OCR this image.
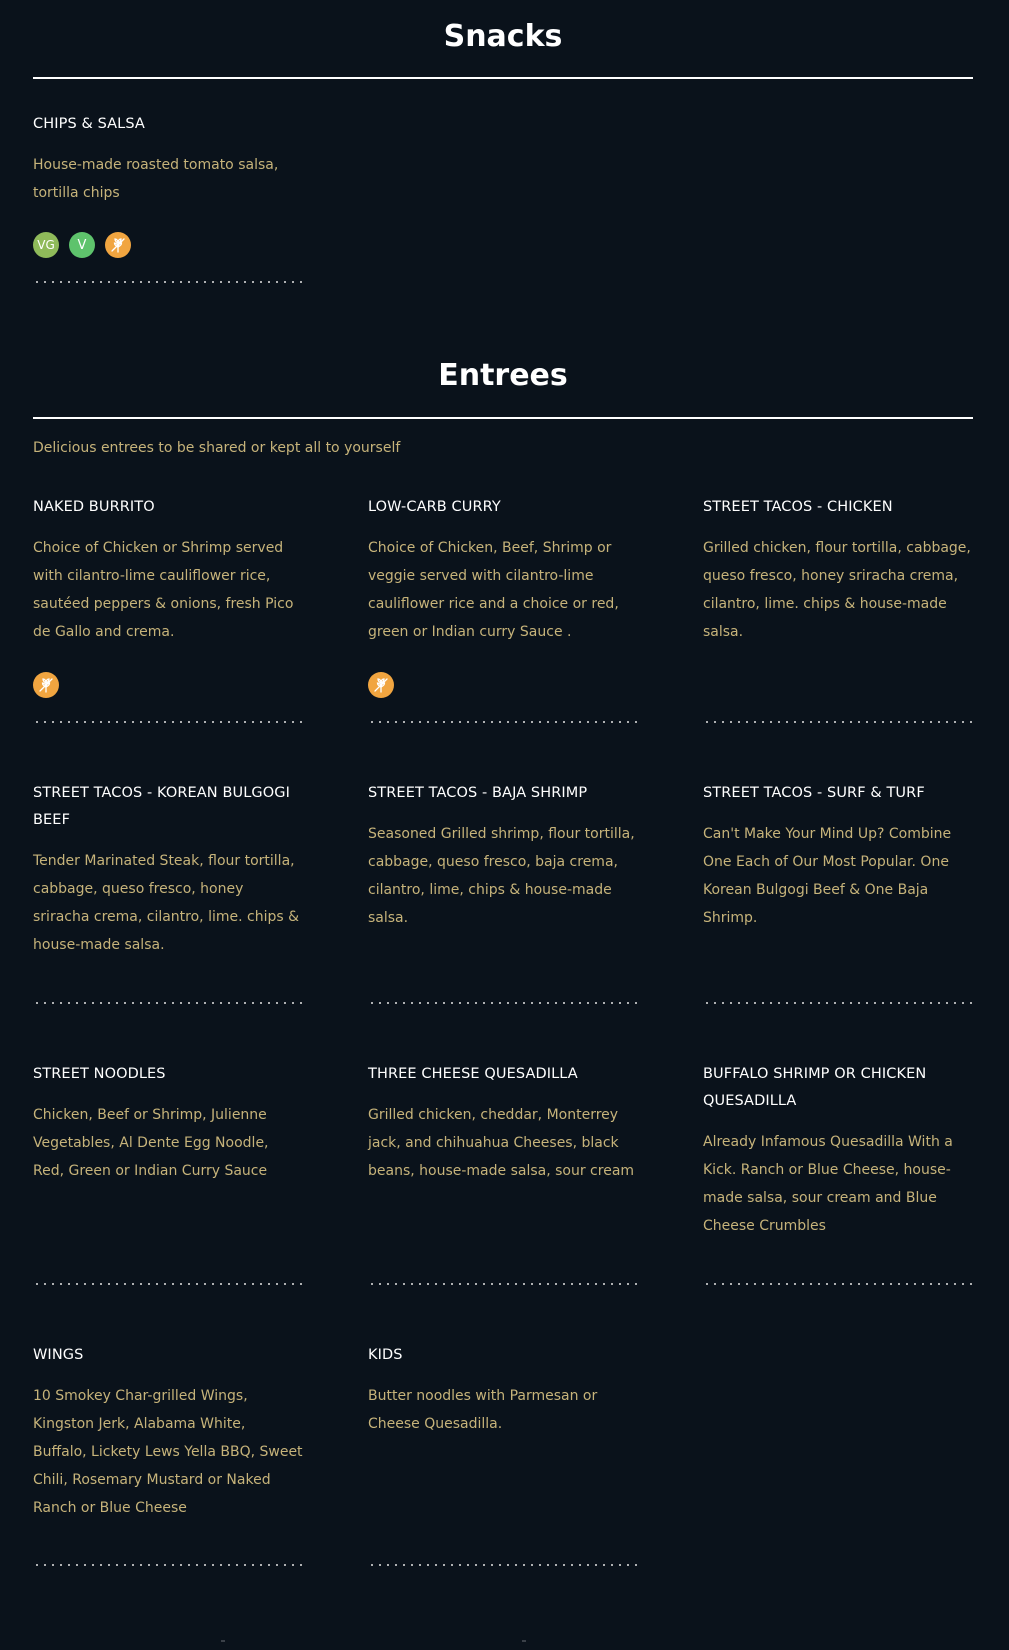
Snacks
CHIPS & SALSA

House-made roasted tomato salsa, tortilla chips

VG	V
Entrees
Delicious entrees to be shared or kept all to yourself
NAKED BURRITO

Choice of Chicken or Shrimp served with cilantro-lime cauliflower rice, sautéed peppers & onions, fresh Pico de Gallo and crema.

LOW-CARB CURRY

Choice of Chicken, Beef, Shrimp or veggie served with cilantro-lime cauliflower rice and a choice or red, green or Indian curry Sauce .

STREET TACOS - CHICKEN

Grilled chicken, flour tortilla, cabbage, queso fresco, honey sriracha crema, cilantro, lime. chips & house-made salsa.

STREET TACOS - KOREAN BULGOGI BEEF

Tender Marinated Steak, flour tortilla, cabbage, queso fresco, honey sriracha crema, cilantro, lime. chips & house-made salsa.

STREET TACOS - BAJA SHRIMP

Seasoned Grilled shrimp, flour tortilla, cabbage, queso fresco, baja crema, cilantro, lime, chips & house-made salsa.

STREET TACOS - SURF & TURF

Can't Make Your Mind Up? Combine One Each of Our Most Popular. One Korean Bulgogi Beef & One Baja Shrimp.

STREET NOODLES

Chicken, Beef or Shrimp, Julienne Vegetables, Al Dente Egg Noodle, Red, Green or Indian Curry Sauce

THREE CHEESE QUESADILLA

Grilled chicken, cheddar, Monterrey jack, and chihuahua Cheeses, black beans, house-made salsa, sour cream

BUFFALO SHRIMP OR CHICKEN QUESADILLA

Already Infamous Quesadilla With a Kick. Ranch or Blue Cheese, house-made salsa, sour cream and Blue Cheese Crumbles

WINGS

10 Smokey Char-grilled Wings, Kingston Jerk, Alabama White, Buffalo, Lickety Lews Yella BBQ, Sweet Chili, Rosemary Mustard or Naked Ranch or Blue Cheese

KIDS

Butter noodles with Parmesan or Cheese Quesadilla.
